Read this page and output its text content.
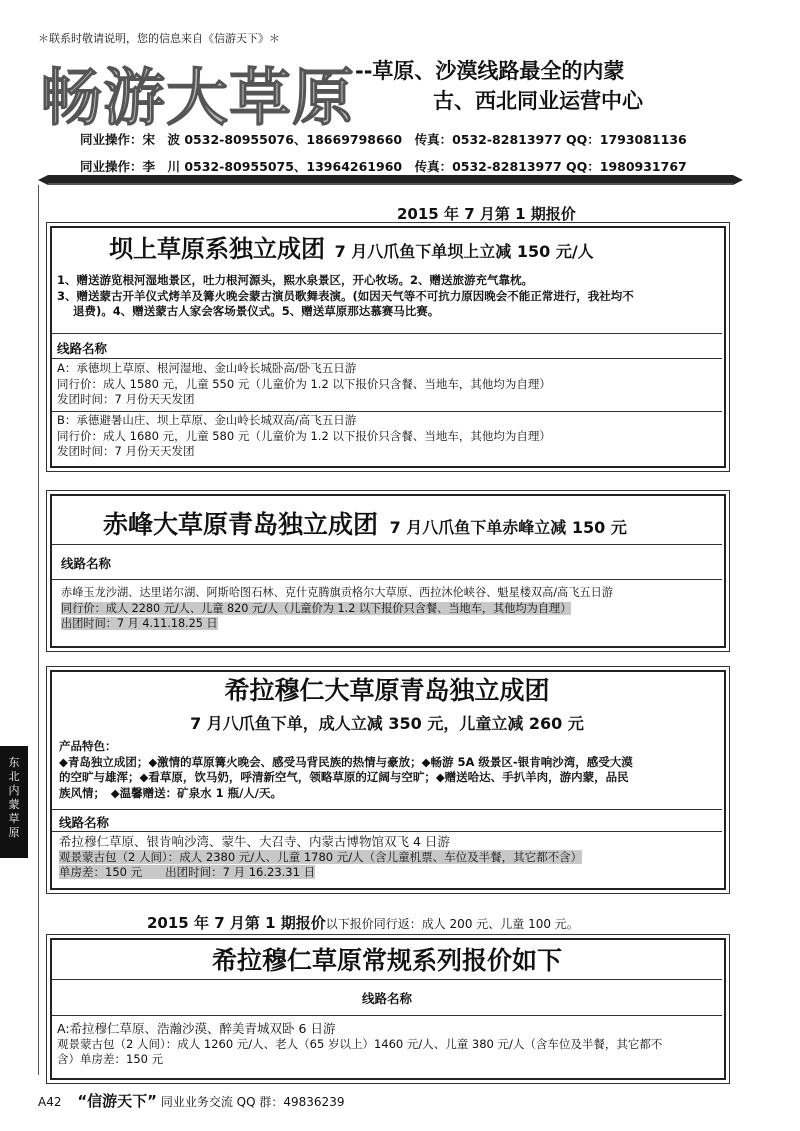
＊联系时敬请说明，您的信息来自《信游天下》＊
畅游大草原 --草原、沙漠线路最全的内蒙
古、西北同业运营中心
同业操作：宋　波 0532-80955076、18669798660　传真：0532-82813977 QQ：1793081136
同业操作：李　川 0532-80955075、13964261960　传真：0532-82813977 QQ：1980931767
2015 年 7 月第 1 期报价
坝上草原系独立成团 7 月八爪鱼下单坝上立减 150 元/人
1、赠送游览根河湿地景区，吐力根河源头，熙水泉景区，开心牧场。2、赠送旅游充气靠枕。
3、赠送蒙古开羊仪式烤羊及篝火晚会蒙古演员歌舞表演。(如因天气等不可抗力原因晚会不能正常进行，我社均不
退费)。4、赠送蒙古人家会客场景仪式。5、赠送草原那达慕赛马比赛。
线路名称
A：承德坝上草原、根河湿地、金山岭长城卧高/卧飞五日游
同行价：成人 1580 元，儿童 550 元（儿童价为 1.2 以下报价只含餐、当地车，其他均为自理）
发团时间：7 月份天天发团
B：承德避暑山庄、坝上草原、金山岭长城双高/高飞五日游
同行价：成人 1680 元，儿童 580 元（儿童价为 1.2 以下报价只含餐、当地车，其他均为自理）
发团时间：7 月份天天发团
赤峰大草原青岛独立成团 7 月八爪鱼下单赤峰立减 150 元
线路名称
赤峰玉龙沙湖、达里诺尔湖、阿斯哈图石林、克什克腾旗贡格尔大草原、西拉沐伦峡谷、魁星楼双高/高飞五日游
同行价：成人 2280 元/人、儿童 820 元/人（儿童价为 1.2 以下报价只含餐、当地车，其他均为自理）
出团时间：7 月 4.11.18.25 日
希拉穆仁大草原青岛独立成团
7 月八爪鱼下单，成人立减 350 元，儿童立减 260 元
产品特色：
◆青岛独立成团；◆激情的草原篝火晚会、感受马背民族的热情与豪放；◆畅游 5A 级景区-银肯响沙湾，感受大漠
的空旷与雄浑；◆看草原，饮马奶，呼清新空气，领略草原的辽阔与空旷；◆赠送哈达、手扒羊肉，游内蒙，品民
族风情；　◆温馨赠送：矿泉水 1 瓶/人/天。
线路名称
希拉穆仁草原、银肯响沙湾、蒙牛、大召寺、内蒙古博物馆双飞 4 日游
观景蒙古包（2 人间）：成人 2380 元/人、儿童 1780 元/人（含儿童机票、车位及半餐，其它都不含）
单房差：150 元　　出团时间：7 月 16.23.31 日
2015 年 7 月第 1 期报价以下报价同行返：成人 200 元、儿童 100 元。
希拉穆仁草原常规系列报价如下
线路名称
A:希拉穆仁草原、浩瀚沙漠、醉美青城双卧 6 日游
观景蒙古包（2 人间）：成人 1260 元/人、老人（65 岁以上）1460 元/人、儿童 380 元/人（含车位及半餐，其它都不
含）单房差：150 元
东
北
内
蒙
草
原
A42 “信游天下” 同业业务交流 QQ 群：49836239
